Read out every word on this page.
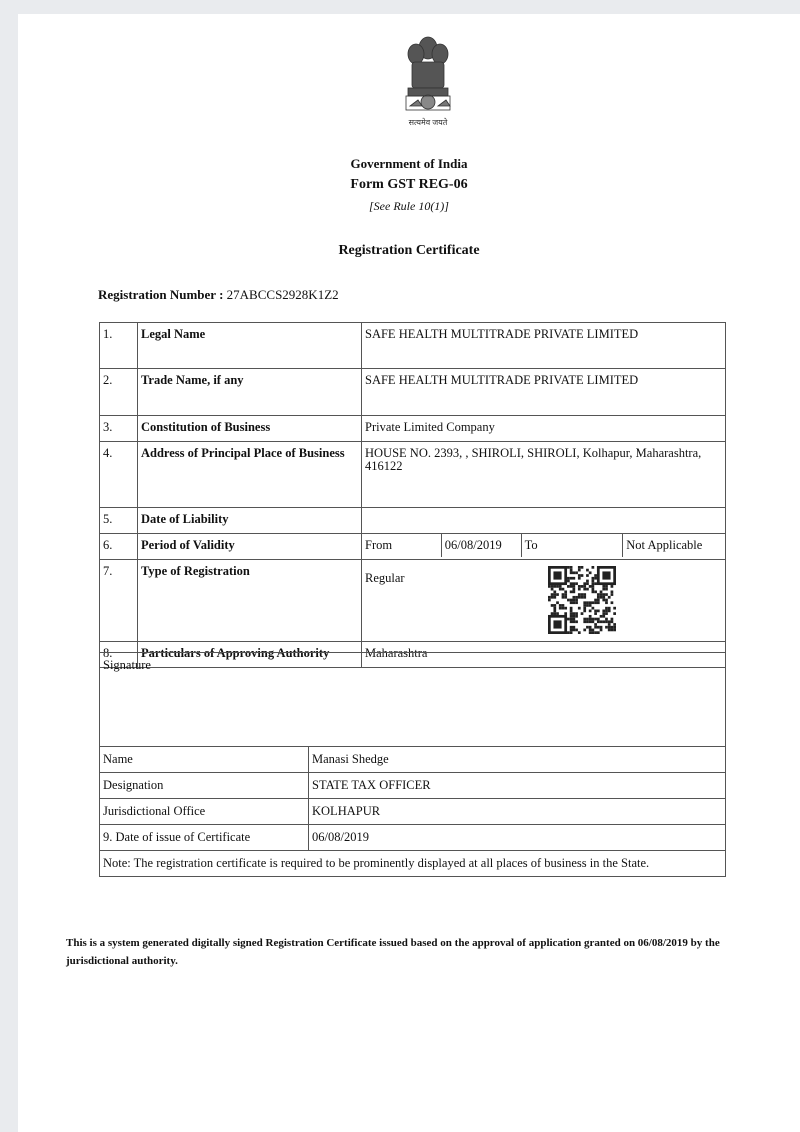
सत्यमेव जयते
Government of India
Form GST REG-06
[See Rule 10(1)]
Registration Certificate
Registration Number : 27ABCCS2928K1Z2
1.	Legal Name	SAFE HEALTH MULTITRADE PRIVATE LIMITED
2.	Trade Name, if any	SAFE HEALTH MULTITRADE PRIVATE LIMITED
3.	Constitution of Business	Private Limited Company
4.	Address of Principal Place of Business	HOUSE NO. 2393, , SHIROLI, SHIROLI, Kolhapur, Maharashtra, 416122
5.	Date of Liability	
6.	Period of Validity	From 06/08/2019 To Not Applicable

7.	Type of Registration	Regular
8.	Particulars of Approving Authority	Maharashtra
Signature	
Name	Manasi Shedge
Designation	STATE TAX OFFICER
Jurisdictional Office	KOLHAPUR
9. Date of issue of Certificate	06/08/2019
Note: The registration certificate is required to be prominently displayed at all places of business in the State.	
This is a system generated digitally signed Registration Certificate issued based on the approval of application granted on 06/08/2019 by the jurisdictional authority.
